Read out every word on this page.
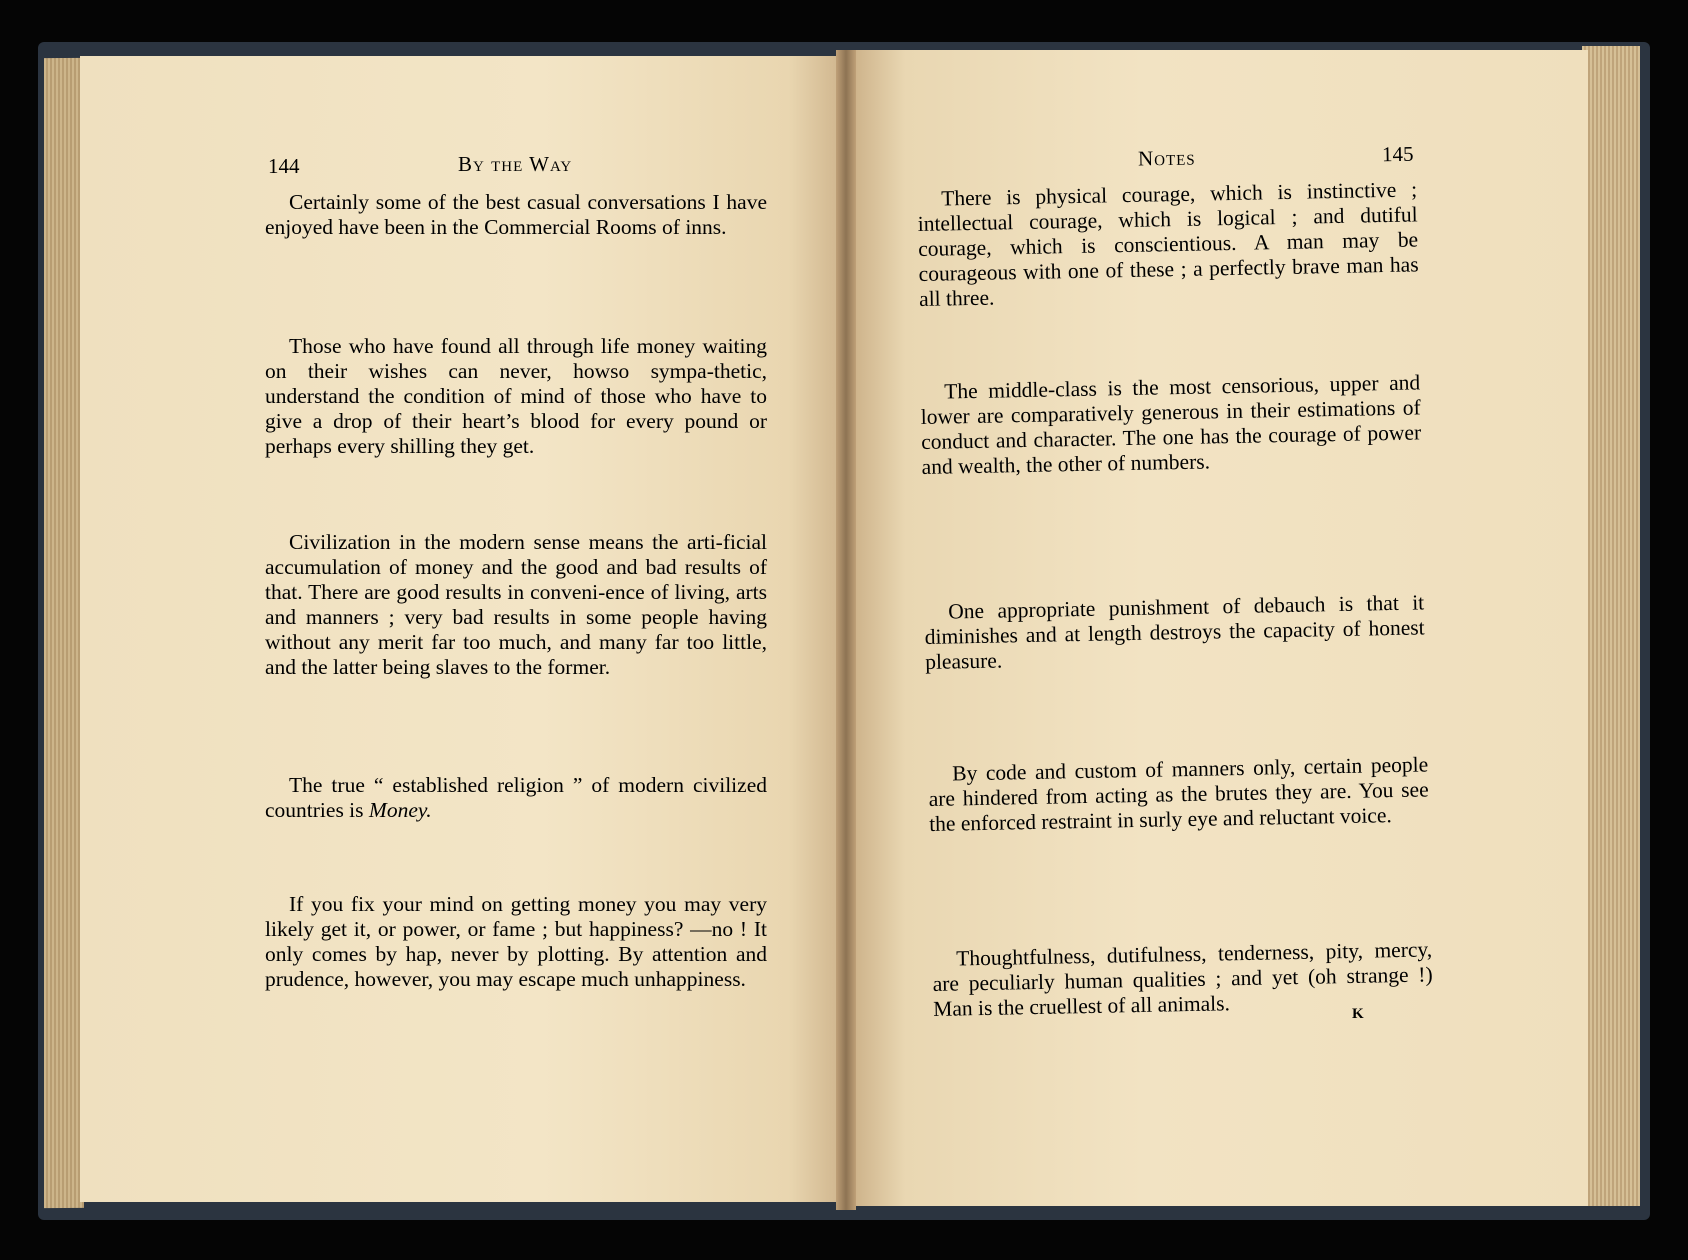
144	By the Way

Certainly some of the best casual conversations I have enjoyed have been in the Commercial Rooms of inns.

Those who have found all through life money waiting on their wishes can never, howso sympa-thetic, understand the condition of mind of those who have to give a drop of their heart’s blood for every pound or perhaps every shilling they get.

Civilization in the modern sense means the arti-ficial accumulation of money and the good and bad results of that. There are good results in conveni-ence of living, arts and manners ; very bad results in some people having without any merit far too much, and many far too little, and the latter being slaves to the former.

The true “ established religion ” of modern civilized countries is Money.

If you fix your mind on getting money you may very likely get it, or power, or fame ; but happiness? —no ! It only comes by hap, never by plotting. By attention and prudence, however, you may escape much unhappiness.

Notes	145

There is physical courage, which is instinctive ; intellectual courage, which is logical ; and dutiful courage, which is conscientious. A man may be courageous with one of these ; a perfectly brave man has all three.

The middle-class is the most censorious, upper and lower are comparatively generous in their estimations of conduct and character. The one has the courage of power and wealth, the other of numbers.

One appropriate punishment of debauch is that it diminishes and at length destroys the capacity of honest pleasure.

By code and custom of manners only, certain people are hindered from acting as the brutes they are. You see the enforced restraint in surly eye and reluctant voice.

Thoughtfulness, dutifulness, tenderness, pity, mercy, are peculiarly human qualities ; and yet (oh strange !) Man is the cruellest of all animals.	K
